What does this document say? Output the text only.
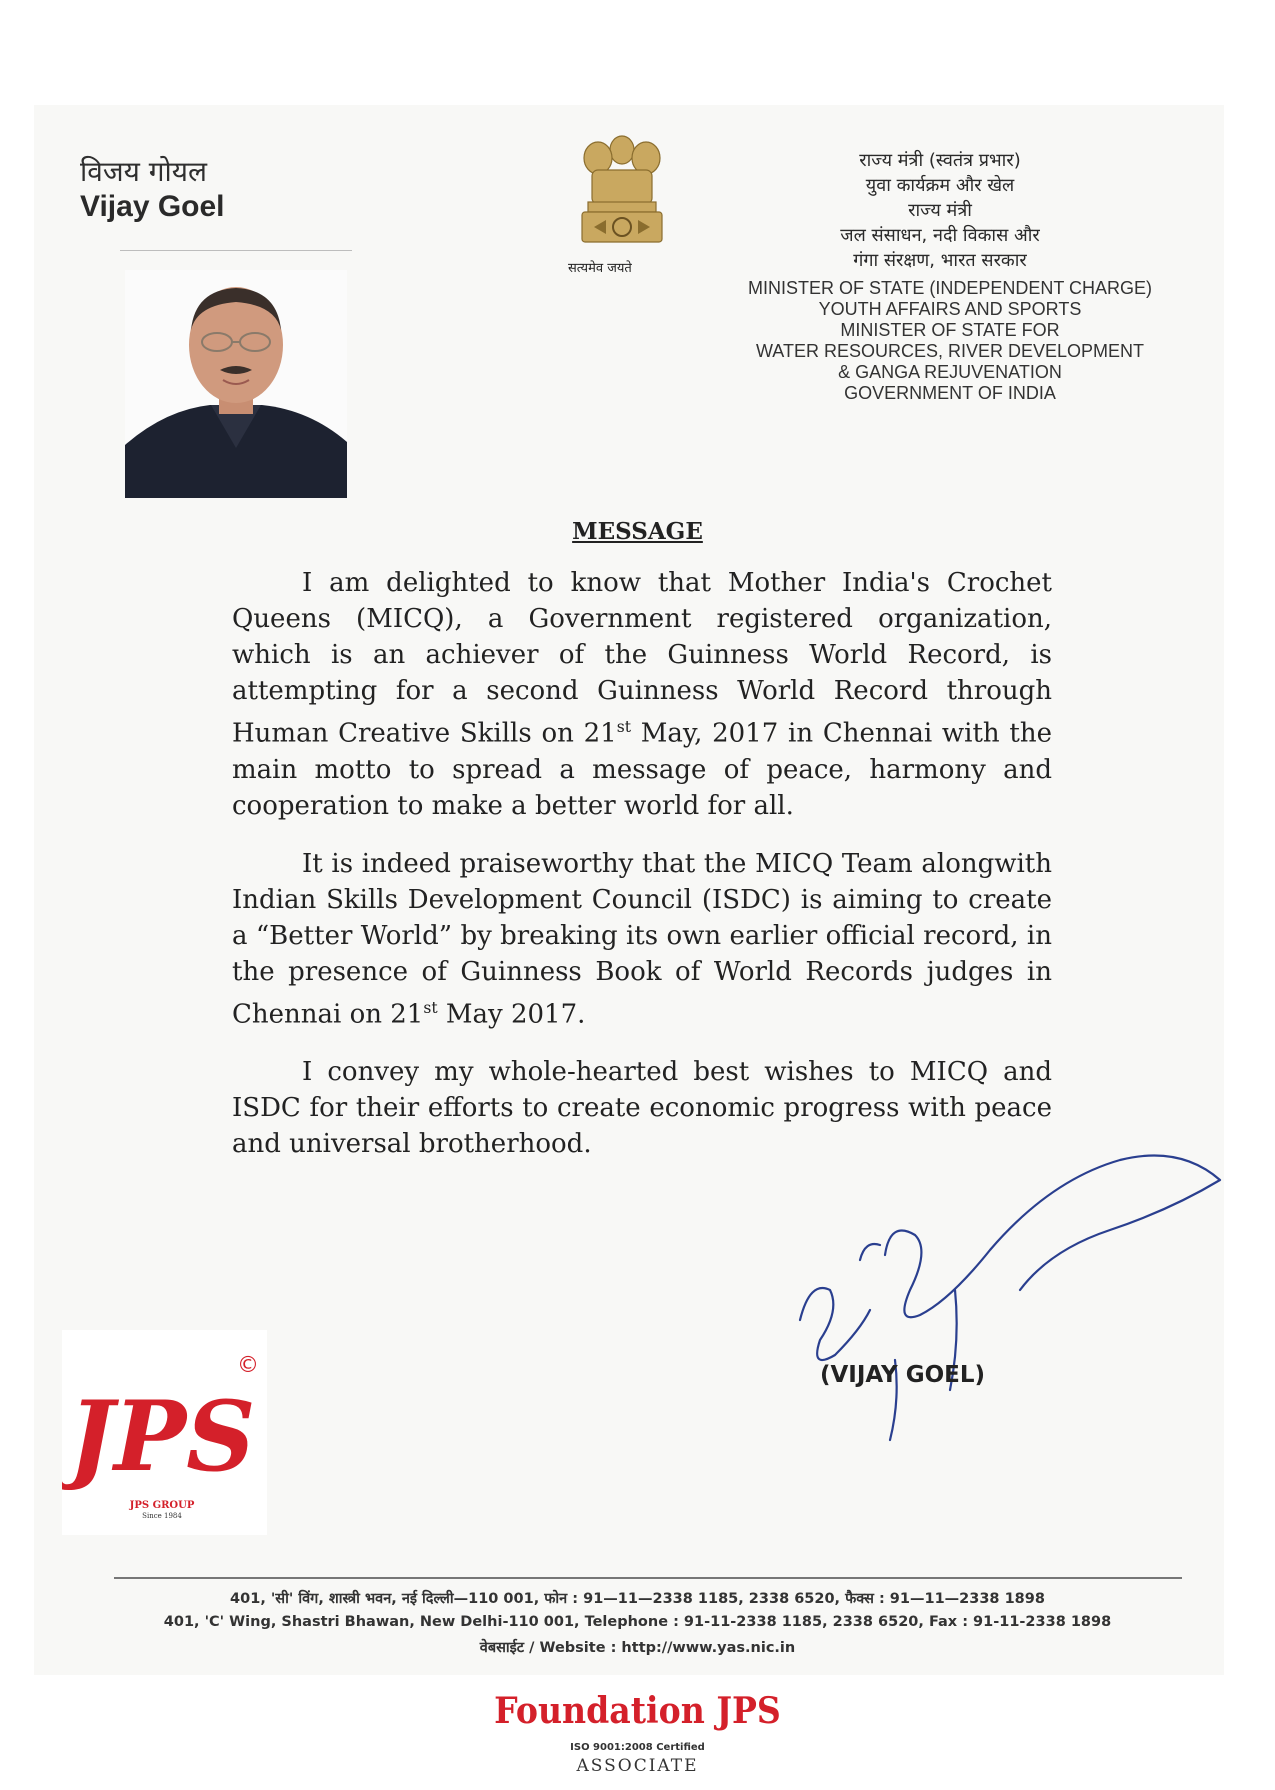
विजय गोयल
Vijay Goel
सत्यमेव जयते
राज्य मंत्री (स्वतंत्र प्रभार)
युवा कार्यक्रम और खेल
राज्य मंत्री
जल संसाधन, नदी विकास और
गंगा संरक्षण, भारत सरकार
MINISTER OF STATE (INDEPENDENT CHARGE)
YOUTH AFFAIRS AND SPORTS
MINISTER OF STATE FOR
WATER RESOURCES, RIVER DEVELOPMENT
& GANGA REJUVENATION
GOVERNMENT OF INDIA
MESSAGE

I am delighted to know that Mother India's Crochet Queens (MICQ), a Government registered organization, which is an achiever of the Guinness World Record, is attempting for a second Guinness World Record through Human Creative Skills on 21st May, 2017 in Chennai with the main motto to spread a message of peace, harmony and cooperation to make a better world for all.

It is indeed praiseworthy that the MICQ Team alongwith Indian Skills Development Council (ISDC) is aiming to create a “Better World” by breaking its own earlier official record, in the presence of Guinness Book of World Records judges in Chennai on 21st May 2017.

I convey my whole-hearted best wishes to MICQ and ISDC for their efforts to create economic progress with peace and universal brotherhood.

(VIJAY GOEL)
JPS
©
JPS GROUP
Since 1984
401, 'सी' विंग, शास्त्री भवन, नई दिल्ली—110 001, फोन : 91—11—2338 1185, 2338 6520, फैक्स : 91—11—2338 1898
401, 'C' Wing, Shastri Bhawan, New Delhi-110 001, Telephone : 91-11-2338 1185, 2338 6520, Fax : 91-11-2338 1898
वेबसाईट / Website : http://www.yas.nic.in
Foundation JPS
ISO 9001:2008 Certified
ASSOCIATE
